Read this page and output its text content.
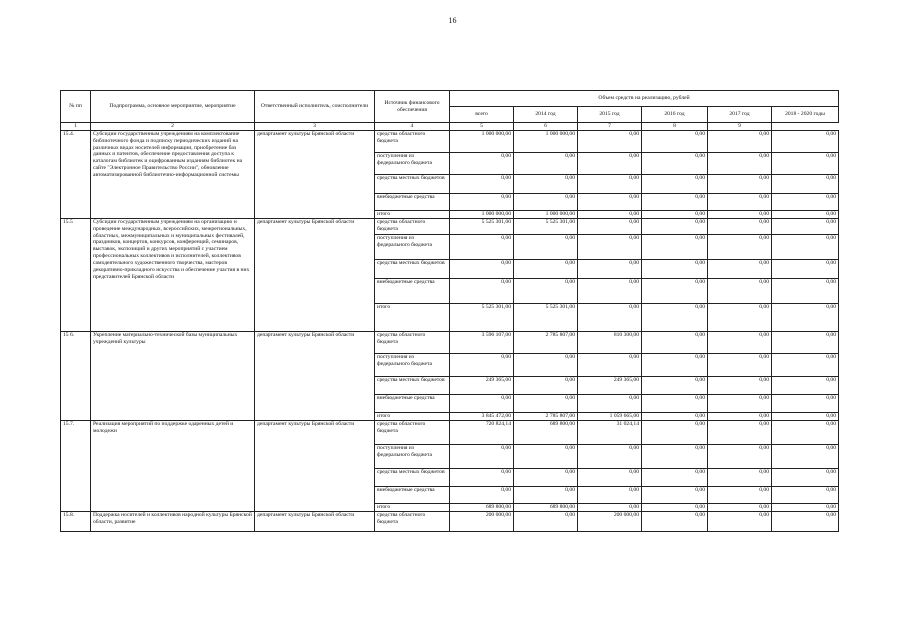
16
№ пп	Подпрограмма, основное мероприятие, мероприятие	Ответственный исполнитель, соисполнители	Источник финансового обеспечения	Объем средств на реализацию, рублей					
				всего	2014 год	2015 год	2016 год	2017 год	2018 - 2020 годы
1	2	3	4	5	6	7	8	9	
15.4.	Субсидии государственным учреждениям на комплектование библиотечного фонда и подписку периодических изданий на различных видах носителей информации, приобретение баз данных и патентов, обеспечение предоставления доступа к каталогам библиотек и оцифрованным изданиям библиотек на сайте "Электронное Правительство России", обновление автоматизированной библиотечно-информационной системы	департамент культуры Брянской области	средства областного бюджета	1 000 000,00	1 000 000,00	0,00	0,00	0,00	0,00
			поступления из федерального бюджета	0,00	0,00	0,00	0,00	0,00	0,00
			средства местных бюджетов	0,00	0,00	0,00	0,00	0,00	0,00
			внебюджетные средства	0,00	0,00	0,00	0,00	0,00	0,00
			итого	1 000 000,00	1 000 000,00	0,00	0,00	0,00	0,00
15.5	Субсидии государственным учреждениям на организацию и проведение международных, всероссийских, межрегиональных, областных, межмуниципальных и муниципальных фестивалей, праздников, концертов, конкурсов, конференций, семинаров, выставок, экспозиций и других мероприятий с участием профессиональных коллективов и исполнителей, коллективов самодеятельного художественного творчества, мастеров декоративно-прикладного искусства и обеспечение участия в них представителей Брянской области	департамент культуры Брянской области	средства областного бюджета	5 525 301,00	5 525 301,00	0,00	0,00	0,00	0,00
			поступления из федерального бюджета	0,00	0,00	0,00	0,00	0,00	0,00
			средства местных бюджетов	0,00	0,00	0,00	0,00	0,00	0,00
			внебюджетные средства	0,00	0,00	0,00	0,00	0,00	0,00
			итого	5 525 301,00	5 525 301,00	0,00	0,00	0,00	0,00
15 6.	Укрепление материально-технической базы муниципальных учреждений культуры	департамент культуры Брянской области	средства областного бюджета	3 596 107,00	2 785 807,00	810 300,00	0,00	0,00	0,00
			поступления из федерального бюджета	0,00	0,00	0,00	0,00	0,00	0,00
			средства местных бюджетов	249 365,00	0,00	249 365,00	0,00	0,00	0,00
			внебюджетные средства	0,00	0,00	0,00	0,00	0,00	0,00
			итого	3 845 472,00	2 785 807,00	1 059 665,00	0,00	0,00	0,00
15.7.	Реализация мероприятий по поддержке одаренных детей и молодежи	департамент культуры Брянской области	средства областного бюджета	720 824,14	689 800,00	31 024,14	0,00	0,00	0,00
			поступления из федерального бюджета	0,00	0,00	0,00	0,00	0,00	0,00
			средства местных бюджетов	0,00	0,00	0,00	0,00	0,00	0,00
			внебюджетные средства	0,00	0,00	0,00	0,00	0,00	0,00
			итого	689 800,00	689 800,00	0,00	0,00	0,00	0,00
15.8.	Поддержка носителей и коллективов народной культуры Брянской области, развитие	департамент культуры Брянской области	средства областного бюджета	200 000,00	0,00	200 000,00	0,00	0,00	0,00
